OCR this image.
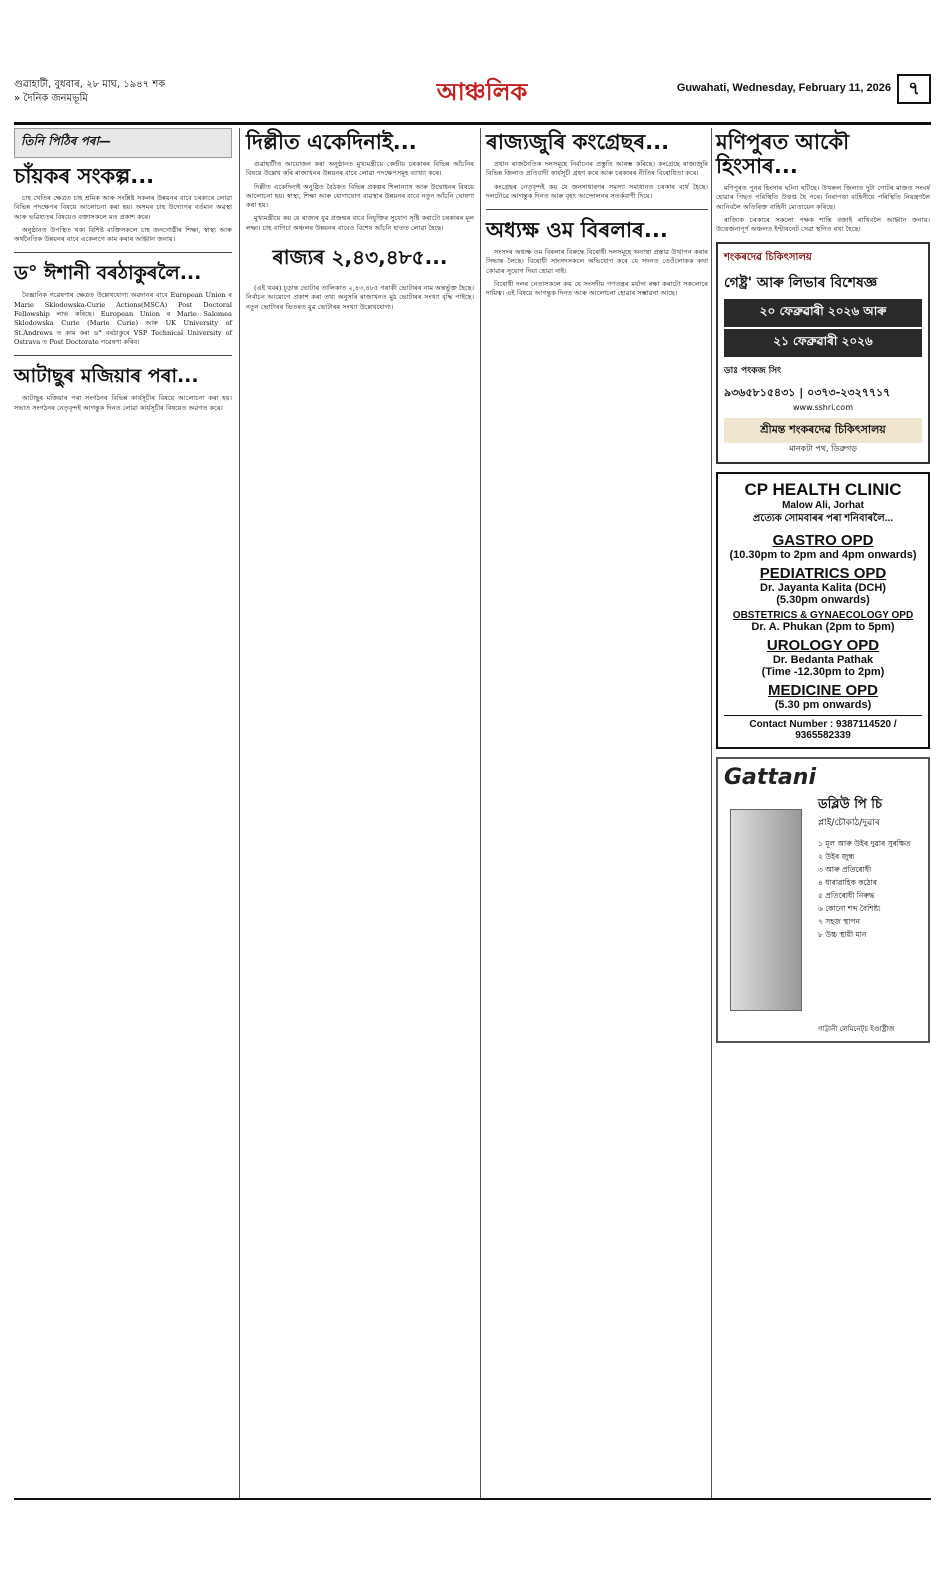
গুৱাহাটী, বুধবাৰ, ২৮ মাঘ, ১৯৪৭ শক
» দৈনিক জনমভূমি	আঞ্চলিক	Guwahati, Wednesday, February 11, 2026 ৭
তিনি পিঠিৰ পৰা—
চাঁয়কৰ সংকল্প...

চাহ খেতিৰ ক্ষেত্ৰত চাহ শ্ৰমিক আৰু সংশ্লিষ্ট সকলৰ উন্নয়নৰ বাবে চৰকাৰে লোৱা বিভিন্ন পদক্ষেপৰ বিষয়ে আলোচনা কৰা হয়। অসমৰ চাহ উদ্যোগৰ বৰ্তমান অৱস্থা আৰু ভৱিষ্যতৰ বিষয়েও বক্তাসকলে মত প্ৰকাশ কৰে।

অনুষ্ঠানত উপস্থিত থকা বিশিষ্ট ব্যক্তিসকলে চাহ জনগোষ্ঠীৰ শিক্ষা, স্বাস্থ্য আৰু অৰ্থনৈতিক উন্নয়নৰ বাবে একেলগে কাম কৰাৰ আহ্বান জনায়।

ড° ঈশানী বৰঠাকুৰলৈ...

বৈজ্ঞানিক গৱেষণাৰ ক্ষেত্ৰত উল্লেখযোগ্য অৱদানৰ বাবে European Union ৰ Marie Sklodowska-Curie Actions(MSCA) Post Doctoral Fellowship লাভ কৰিছে। European Union ৰ Marie Salomea Sklodowska Curie (Marie Curie) আৰু UK University of St.Andrews ত কাম কৰা ড° বৰঠাকুৰে VSP Technical University of Ostrava ত Post Doctorate গৱেষণা কৰিব।

আটাছুৰ মজিয়াৰ পৰা...

আটাছুৰ মজিয়াৰ পৰা সংগঠনৰ বিভিন্ন কাৰ্যসূচীৰ বিষয়ে আলোচনা কৰা হয়। সভাত সংগঠনৰ নেতৃবৃন্দই আগন্তুক দিনত লোৱা কাৰ্যসূচীৰ বিষয়েও অৱগত কৰে।

দিল্লীত একেদিনাই...

গুৱাহাটীত আয়োজন কৰা অনুষ্ঠানত মুখ্যমন্ত্ৰীয়ে কেন্দ্ৰীয় চৰকাৰৰ বিভিন্ন আঁচনিৰ বিষয়ে উল্লেখ কৰি ৰাজ্যখনৰ উন্নয়নৰ বাবে লোৱা পদক্ষেপসমূহ ব্যাখ্যা কৰে।

দিল্লীত একেদিনাই অনুষ্ঠিত বৈঠকত বিভিন্ন প্ৰকল্পৰ শিলান্যাস আৰু উদ্বোধনৰ বিষয়ে আলোচনা হয়। স্বাস্থ্য, শিক্ষা আৰু যোগাযোগ ব্যৱস্থাৰ উন্নয়নৰ বাবে নতুন আঁচনি ঘোষণা কৰা হয়।

মুখ্যমন্ত্ৰীয়ে কয় যে ৰাজ্যৰ যুৱ প্ৰজন্মৰ বাবে নিযুক্তিৰ সুযোগ সৃষ্টি কৰাটো চৰকাৰৰ মূল লক্ষ্য। চাহ বাগিচা অঞ্চলৰ উন্নয়নৰ বাবেও বিশেষ আঁচনি হাতত লোৱা হৈছে।

ৰাজ্যৰ ২,৪৩,৪৮৫...

(এই খবৰ) চূড়ান্ত ভোটাৰ তালিকাত ২,৪৩,৪৮৫ গৰাকী ভোটাৰৰ নাম অন্তৰ্ভুক্ত হৈছে। নিৰ্বাচন আয়োগে প্ৰকাশ কৰা তথ্য অনুসৰি ৰাজ্যখনত মুঠ ভোটাৰৰ সংখ্যা বৃদ্ধি পাইছে। নতুন ভোটাৰৰ ভিতৰত যুৱ ভোটাৰৰ সংখ্যা উল্লেখযোগ্য।

ৰাজ্যজুৰি কংগ্ৰেছৰ...

প্ৰধান ৰাজনৈতিক দলসমূহে নিৰ্বাচনৰ প্ৰস্তুতি আৰম্ভ কৰিছে। কংগ্ৰেছে ৰাজ্যজুৰি বিভিন্ন জিলাত প্ৰতিবাদী কাৰ্যসূচী গ্ৰহণ কৰে আৰু চৰকাৰৰ নীতিৰ বিৰোধিতা কৰে।

কংগ্ৰেছৰ নেতৃবৃন্দই কয় যে জনসাধাৰণৰ সমস্যা সমাধানত চৰকাৰ ব্যৰ্থ হৈছে। দলটোৱে আগন্তুক দিনত আৰু বৃহৎ আন্দোলনৰ সতৰ্কবাণী দিয়ে।

অধ্যক্ষ ওম বিৰলাৰ...

সংসদৰ অধ্যক্ষ ওম বিৰলাৰ বিৰুদ্ধে বিৰোধী দলসমূহে অনাস্থা প্ৰস্তাৱ উত্থাপন কৰাৰ সিদ্ধান্ত লৈছে। বিৰোধী সাংসদসকলে অভিযোগ কৰে যে সদনত তেওঁলোকক কথা কোৱাৰ সুযোগ দিয়া হোৱা নাই।

বিৰোধী দলৰ নেতাসকলে কয় যে সংসদীয় গণতন্ত্ৰৰ মৰ্যাদা ৰক্ষা কৰাটো সকলোৰে দায়িত্ব। এই বিষয়ে আগন্তুক দিনত আৰু আলোচনা হোৱাৰ সম্ভাৱনা আছে।

মণিপুৰত আকৌ হিংসাৰ...

মণিপুৰত পুনৰ হিংসাৰ ঘটনা ঘটিছে। উখৰুল জিলাত দুটা গোটৰ মাজত সংঘৰ্ষ হোৱাৰ পিছত পৰিস্থিতি উত্তপ্ত হৈ পৰে। নিৰাপত্তা বাহিনীয়ে পৰিস্থিতি নিয়ন্ত্ৰণলৈ আনিবলৈ অতিৰিক্ত বাহিনী মোতায়েন কৰিছে।

ৰাজ্যিক চৰকাৰে সকলো পক্ষক শান্তি বজাই ৰাখিবলৈ আহ্বান জনায়। উত্তেজনাপূৰ্ণ অঞ্চলত ইণ্টাৰনেট সেৱা স্থগিত ৰখা হৈছে।

শংকৰদেৱ চিকিৎসালয়
গেষ্ট্ৰ' আৰু লিভাৰ বিশেষজ্ঞ
২০ ফেব্ৰুৱাৰী ২০২৬ আৰু
২১ ফেব্ৰুৱাৰী ২০২৬
ডাঃ পংকজ সিং
৯৩৬৫৮১৫৪৩১ | ০৩৭৩-২৩২৭৭১৭
www.sshri.com
শ্ৰীমন্ত শংকৰদেৱ চিকিৎসালয়
মানকটা পথ, ডিব্ৰুগড়
CP HEALTH CLINIC
Malow Ali, Jorhat
প্ৰত্যেক সোমবাৰৰ পৰা শনিবাৰলৈ...
GASTRO OPD
(10.30pm to 2pm and 4pm onwards)
PEDIATRICS OPD
Dr. Jayanta Kalita (DCH)
(5.30pm onwards)
OBSTETRICS & GYNAECOLOGY OPD
Dr. A. Phukan (2pm to 5pm)
UROLOGY OPD
Dr. Bedanta Pathak
(Time -12.30pm to 2pm)
MEDICINE OPD
(5.30 pm onwards)
Contact Number : 9387114520 / 9365582339
Gattani
ডব্লিউ পি চি
প্লাই/চৌকাঠ/দুৱাৰ
১ মূল আৰু উইৰ দুৱাৰ সুৰক্ষিত
২ উইৰ জুন্ধ
৩ আৰু প্ৰতিৰোধী
৪ ধাৰাৱাহিক কঠোৰ
৫ প্ৰতিৰোধী নিৰুদ্ধ
৬ কোনো শব্দ বৈশিষ্ট্য
৭ সহজ স্থাপন
৮ উচ্চ স্থায়ী মান
গাট্টানী লেমিনেট্‌চ ইণ্ডাষ্ট্ৰীজ
